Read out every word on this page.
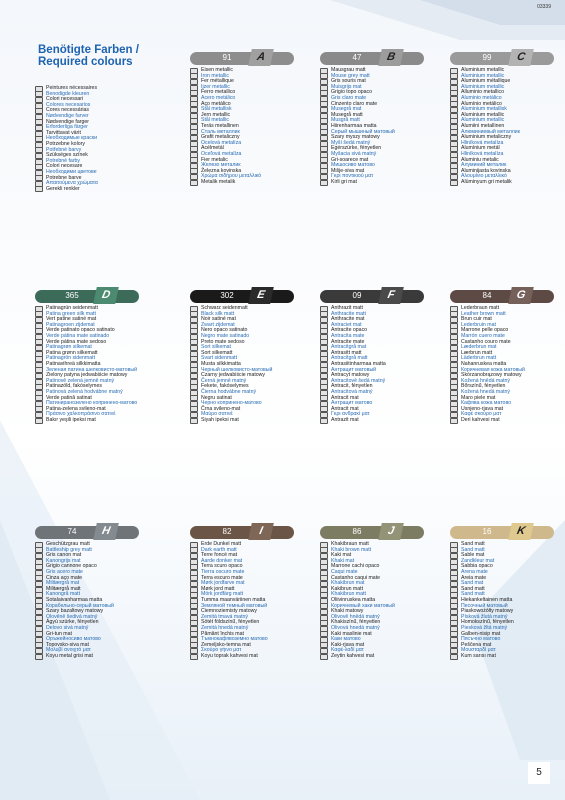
03339
Benötigte Farben /
Required colours
Peintures nécessaires
Benodigde kleuren
Colori necessari
Colores necesarios
Cores necessárias
Nødvendige farver
Nødvendige farger
Erforderliga färger
Tarvittavat värit
Необходимые краски
Potrzebne kolory
Potřebné barvy
Szükséges színek
Potrebné farby
Colori necesare
Необходими цветове
Potrebne barve
Απαιτούμενα χρώματα
Gerekli renkler
91	A
Eisen metallic
Iron metallic
Fer métallique
Ijzer metallic
Ferro metallico
Acero metálico
Aço metálico
Stål metallisk
Jern metallic
Stål metallic
Teräs metallinen
Сталь металлик
Grafit metaliczny
Ocelová metalíza
Acélmetál
Oceľová metalíza
Fier metalic
Железо металик
Železna kovinska
Χρώμα σιδήρου μεταλλικό
Metalik metalik
47	B
Mausgrau matt
Mouse grey matt
Gris souris mat
Muisgrijs mat
Grigio topo opaco
Gris claro mate
Cinzento claro mate
Musegrå mat
Musegrå matt
Musgrå matt
Hiirenharmaa matta
Серый мышиный матовый
Szary myszy matowy
Myší šedá matný
Egérszürke, fényetlen
Myšacia sivá matný
Gri-soarece mat
Мишосиво матово
Mišje-siva mat
Γκρι ποντικιού ματ
Kirli gri mat
99	C
Aluminium metallic
Aluminium metallic
Aluminium métallique
Aluminium metallic
Alluminio metallico
Aluminio metálico
Alumínio metálico
Aluminium metallisk
Aluminium metallic
Aluminium metallic
Alumiini metallinen
Алюминиевый металлик
Aluminium metaliczny
Hliníková metalíza
Alumínium metál
Hliníková metalíza
Aluminiu metalic
Алуминий металик
Aluminijasta kovinska
Αλουμίνιο μεταλλικό
Alüminyum gri metalik
365	D
Patinagrün seidenmatt
Patina green silk matt
Vert patine satiné mat
Patinagroen zijdemat
Verde patinato opaco satinato
Verde pátina mate satinado
Verde pátina mate sedoso
Patinagrøn silkemat
Patina grønn silkematt
Patinagrön sidenmatt
Patinavihreä silkkimatta
Зеленая патина шелковисто-матовый
Zielony patyna jedwabiście matowy
Patinově zelená jemně matný
Patinazöld, fakóselymes
Patinová zelená hodvábne matný
Verde patină satinat
Патиниранозелено копринено-матово
Patina-zelena svileno-mat
Πράσινο χαλκοπράσινο σατινέ
Bakır yeşili ipeksi mat
302	E
Schwarz seidenmatt
Black silk matt
Noir satiné mat
Zwart zijdemat
Nero opaco satinato
Negro mate satinado
Preto mate sedoso
Sort silkemat
Sort silkematt
Svart sidenmatt
Musta silkkimatta
Черный шелковисто-матовый
Czarny jedwabiście matowy
Černá jemně matný
Fekete, fakóselymes
Čierna hodvábne matný
Negru satinat
Черно копринено-матово
Črna svileno-mat
Μαύρο σατινέ
Siyah ipeksi mat
09	F
Anthrazit matt
Anthracite matt
Anthracite mat
Antraciet mat
Antracite opaco
Antracita mate
Antracite mate
Antracitgrå mat
Antrasitt matt
Antracitgrå matt
Antrasiitinharmaa matta
Антрацит матовый
Antracyt matowy
Antracitově šedá matný
Antracit, fényetlen
Antracitová matný
Antracit mat
Антрацит матово
Antracit mat
Γκρι ανθρακί ματ
Antrazit mat
84	G
Lederbraun matt
Leather brown matt
Brun cuir mat
Lederbruin mat
Marrone pelle opaco
Marrón cuero mate
Castanho couro mate
Læderbrun mat
Lærbrun matt
Läderbrun matt
Nahanruskea matta
Коричневая кожа матовый
Skórzanobrązowy matowy
Kožená hnědá matný
Bőrszínű, fényetlen
Kožená hnedá matný
Maro piele mat
Кафява кожа матово
Usnjeno-rjava mat
Καφέ σκούρο ματ
Deri kahvesi mat
74	H
Geschützgrau matt
Battleship grey matt
Gris canon mat
Kanongrijs mat
Grigio cannone opaco
Gris acero mate
Cinza aço mate
Militærgrå mat
Militærgrå matt
Kanongrå matt
Sotalaivanharmaa matta
Корабельно-серый матовый
Szary bazaltowy matowy
Olověně šedivá matný
Ágyú szürke, fényetlen
Delovo sivá matný
Gri-tun mat
Оръжейносиво матово
Topovsko-siva mat
Μολυβί ανοιχτό ματ
Koyu metal grisi mat
82	I
Erde Dunkel matt
Dark earth matt
Terre foncé mat
Aarde donker mat
Terra scuro opaco
Tierra oscuro mate
Terra escuro mate
Mørk jordfarve mat
Mørk jord matt
Mörk jordfärg matt
Tumma maanväriinen matta
Земляной темный матовый
Ciemnoziemisty matowy
Zemitá tmavá matný
Sötét földszínű, fényetlen
Zemitá hnedá matný
Pământ închis mat
Тъмнокафявоземно матово
Zemeljsko-temna mat
Σκούρο γήινο ματ
Koyu toprak kahvesi mat
86	J
Khakibraun matt
Khaki brown matt
Kaki mat
Khaki mat
Marrone cachi opaco
Caqui mate
Castanho caqui mate
Khakibrun mat
Kakibrun matt
Khakibrun matt
Oliivinruskea matta
Коричневый хаки матовый
Khaki matowy
Olivově hnědá matný
Khakiszínű, fényetlen
Olivová hnedá matný
Kaki maslinie mat
Каки матово
Kaki-rjava mat
Καφέ-λαδί ματ
Zeytin kahvesi mat
16	K
Sand matt
Sand matt
Sable mat
Zandkleur mat
Sabbia opaco
Arena mate
Areia mate
Sand mat
Sand matt
Sand matt
Hiekankeltainen matta
Песочный матовый
Piaskowożółty matowy
Písková žlutá matný
Homokszínű, fényetlen
Piesková žltá matný
Galben-nisip mat
Пясъчно матово
Peščena mat
Μουσταρδί ματ
Kum sarısı mat
5
